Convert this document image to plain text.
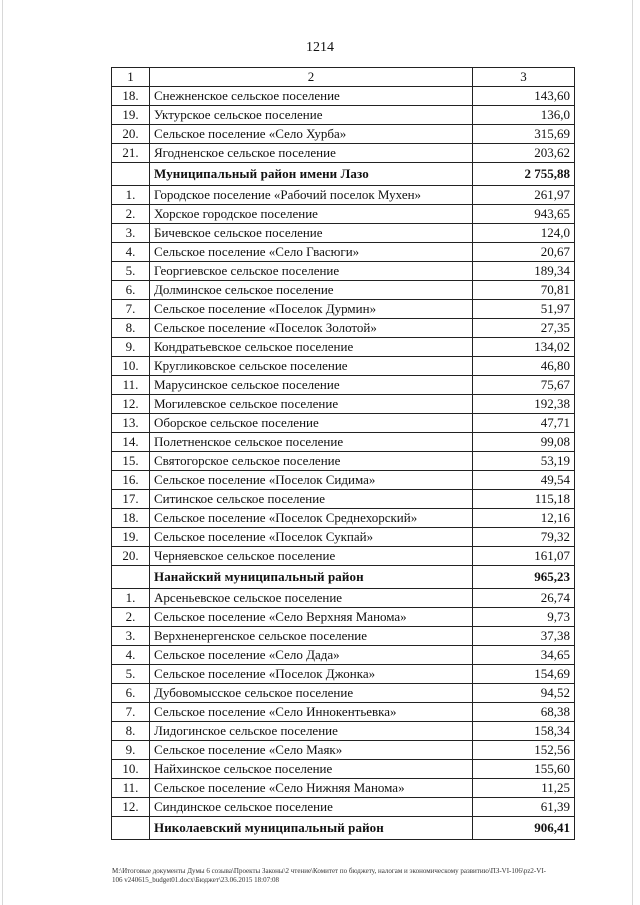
1214
1	2	3
18.	Снежненское сельское поселение	143,60
19.	Уктурское сельское поселение	136,0
20.	Сельское поселение «Село Хурба»	315,69
21.	Ягодненское сельское поселение	203,62
	Муниципальный район имени Лазо	2 755,88
1.	Городское поселение «Рабочий поселок Мухен»	261,97
2.	Хорское городское поселение	943,65
3.	Бичевское сельское поселение	124,0
4.	Сельское поселение «Село Гвасюги»	20,67
5.	Георгиевское сельское поселение	189,34
6.	Долминское сельское поселение	70,81
7.	Сельское поселение «Поселок Дурмин»	51,97
8.	Сельское поселение «Поселок Золотой»	27,35
9.	Кондратьевское сельское поселение	134,02
10.	Кругликовское сельское поселение	46,80
11.	Марусинское сельское поселение	75,67
12.	Могилевское сельское поселение	192,38
13.	Оборское сельское поселение	47,71
14.	Полетненское сельское поселение	99,08
15.	Святогорское сельское поселение	53,19
16.	Сельское поселение «Поселок Сидима»	49,54
17.	Ситинское сельское поселение	115,18
18.	Сельское поселение «Поселок Среднехорский»	12,16
19.	Сельское поселение «Поселок Сукпай»	79,32
20.	Черняевское сельское поселение	161,07
	Нанайский муниципальный район	965,23
1.	Арсеньевское сельское поселение	26,74
2.	Сельское поселение «Село Верхняя Манома»	9,73
3.	Верхненергенское сельское поселение	37,38
4.	Сельское поселение «Село Дада»	34,65
5.	Сельское поселение «Поселок Джонка»	154,69
6.	Дубовомысское сельское поселение	94,52
7.	Сельское поселение «Село Иннокентьевка»	68,38
8.	Лидогинское сельское поселение	158,34
9.	Сельское поселение «Село Маяк»	152,56
10.	Найхинское сельское поселение	155,60
11.	Сельское поселение «Село Нижняя Манома»	11,25
12.	Синдинское сельское поселение	61,39
	Николаевский муниципальный район	906,41
М:\Итоговые документы Думы 6 созыва\Проекты Законы\2 чтение\Комитет по бюджету, налогам и экономическому развитию\ПЗ-VI-106\pz2-VI-
106 v240615_budget01.docx\Бюджет\23.06.2015 18:07:08
